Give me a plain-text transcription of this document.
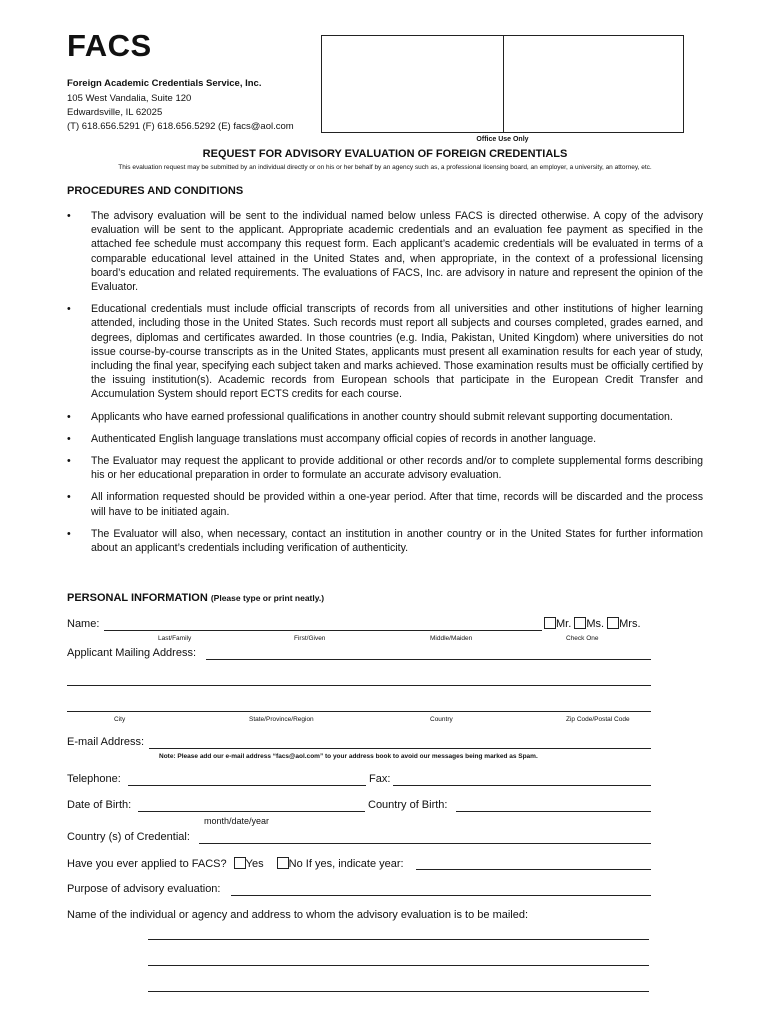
FACS
Foreign Academic Credentials Service, Inc.
105 West Vandalia, Suite 120
Edwardsville, IL 62025
(T) 618.656.5291 (F) 618.656.5292 (E) facs@aol.com
Office Use Only
REQUEST FOR ADVISORY EVALUATION OF FOREIGN CREDENTIALS
This evaluation request may be submitted by an individual directly or on his or her behalf by an agency such as, a professional licensing board, an employer, a university, an attorney, etc.
PROCEDURES AND CONDITIONS
• The advisory evaluation will be sent to the individual named below unless FACS is directed otherwise. A copy of the advisory evaluation will be sent to the applicant. Appropriate academic credentials and an evaluation fee payment as specified in the attached fee schedule must accompany this request form. Each applicant’s academic credentials will be evaluated in terms of a comparable educational level attained in the United States and, when appropriate, in the context of a professional licensing board’s education and related requirements. The evaluations of FACS, Inc. are advisory in nature and represent the opinion of the Evaluator.
• Educational credentials must include official transcripts of records from all universities and other institutions of higher learning attended, including those in the United States. Such records must report all subjects and courses completed, grades earned, and degrees, diplomas and certificates awarded. In those countries (e.g. India, Pakistan, United Kingdom) where universities do not issue course-by-course transcripts as in the United States, applicants must present all examination results for each year of study, including the final year, specifying each subject taken and marks achieved. Those examination results must be officially certified by the issuing institution(s). Academic records from European schools that participate in the European Credit Transfer and Accumulation System should report ECTS credits for each course.
• Applicants who have earned professional qualifications in another country should submit relevant supporting documentation.
• Authenticated English language translations must accompany official copies of records in another language.
• The Evaluator may request the applicant to provide additional or other records and/or to complete supplemental forms describing his or her educational preparation in order to formulate an accurate advisory evaluation.
• All information requested should be provided within a one-year period. After that time, records will be discarded and the process will have to be initiated again.
• The Evaluator will also, when necessary, contact an institution in another country or in the United States for further information about an applicant’s credentials including verification of authenticity.
PERSONAL INFORMATION (Please type or print neatly.)
Name:	Mr. Ms. Mrs.
Last/Family	First/Given	Middle/Maiden	Check One
Applicant Mailing Address:
City	State/Province/Region	Country	Zip Code/Postal Code
E-mail Address:
Note: Please add our e-mail address “facs@aol.com” to your address book to avoid our messages being marked as Spam.
Telephone:	Fax:
Date of Birth:	Country of Birth:
month/date/year
Country (s) of Credential:
Have you ever applied to FACS? Yes No If yes, indicate year:
Purpose of advisory evaluation:
Name of the individual or agency and address to whom the advisory evaluation is to be mailed:
